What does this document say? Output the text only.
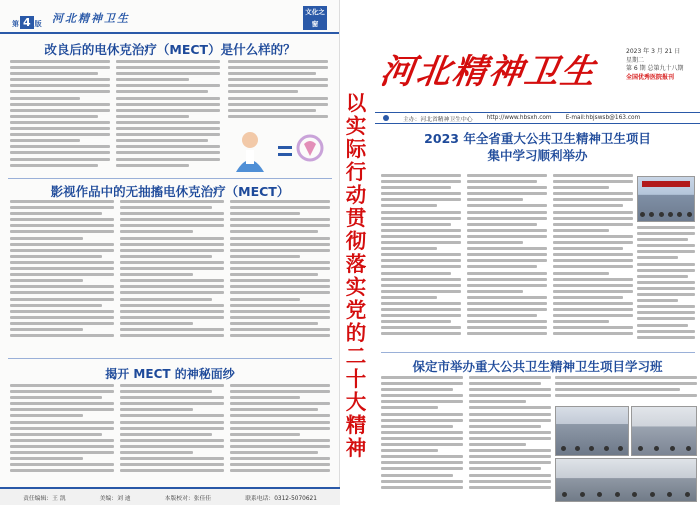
第 4 版 河北精神卫生	文化之窗
改良后的电休克治疗（MECT）是什么样的？
影视作品中的无抽搐电休克治疗（MECT）
揭开 MECT 的神秘面纱
责任编辑：王 凯	美编：刘 迪	本版校对：张佳佳	联系电话：0312-5070621
以
实
际
行
动
贯
彻
落
实
党
的
二
十
大
精
神
河北精神卫生
2023 年 3 月 21 日
星期二
第 6 期 总第九十八期
全国优秀医院报刊
主办：河北省精神卫生中心 http://www.hbsxh.com E-mail:hbjswsb@163.com
2023 年全省重大公共卫生精神卫生项目
集中学习顺利举办
保定市举办重大公共卫生精神卫生项目学习班
